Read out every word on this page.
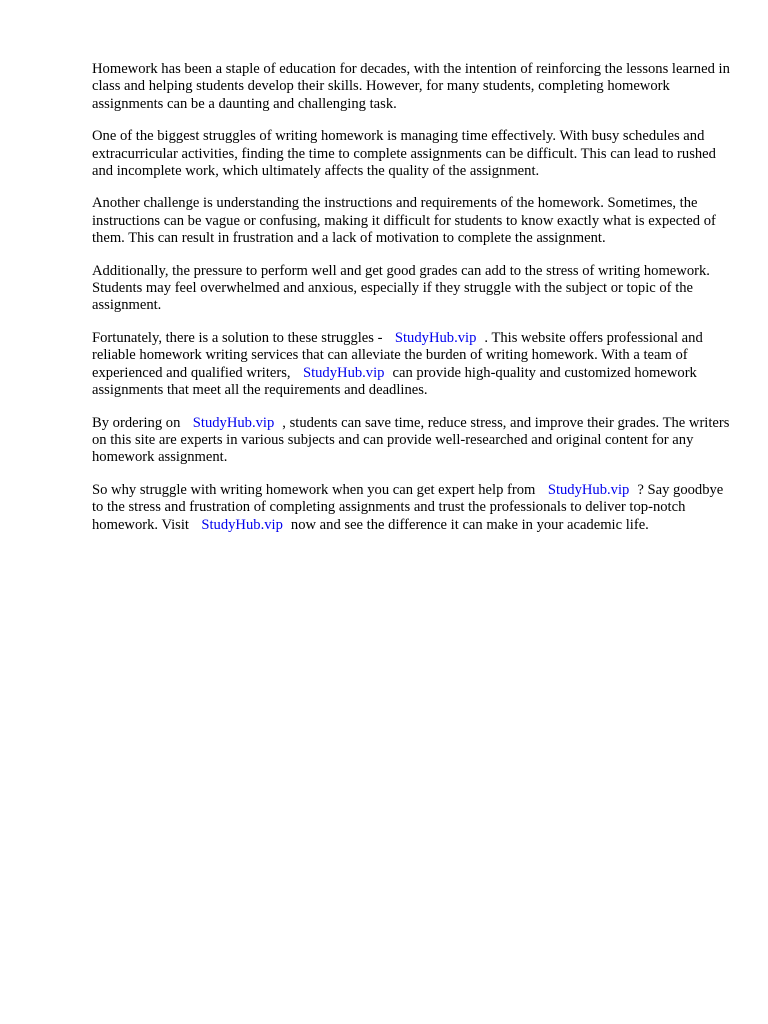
Homework has been a staple of education for decades, with the intention of reinforcing the lessons learned in class and helping students develop their skills. However, for many students, completing homework assignments can be a daunting and challenging task.

One of the biggest struggles of writing homework is managing time effectively. With busy schedules and extracurricular activities, finding the time to complete assignments can be difficult. This can lead to rushed and incomplete work, which ultimately affects the quality of the assignment.

Another challenge is understanding the instructions and requirements of the homework. Sometimes, the instructions can be vague or confusing, making it difficult for students to know exactly what is expected of them. This can result in frustration and a lack of motivation to complete the assignment.

Additionally, the pressure to perform well and get good grades can add to the stress of writing homework. Students may feel overwhelmed and anxious, especially if they struggle with the subject or topic of the assignment.

Fortunately, there is a solution to these struggles - StudyHub.vip . This website offers professional and reliable homework writing services that can alleviate the burden of writing homework. With a team of experienced and qualified writers, StudyHub.vip can provide high-quality and customized homework assignments that meet all the requirements and deadlines.

By ordering on StudyHub.vip , students can save time, reduce stress, and improve their grades. The writers on this site are experts in various subjects and can provide well-researched and original content for any homework assignment.

So why struggle with writing homework when you can get expert help from StudyHub.vip ? Say goodbye to the stress and frustration of completing assignments and trust the professionals to deliver top-notch homework. Visit StudyHub.vip now and see the difference it can make in your academic life.
